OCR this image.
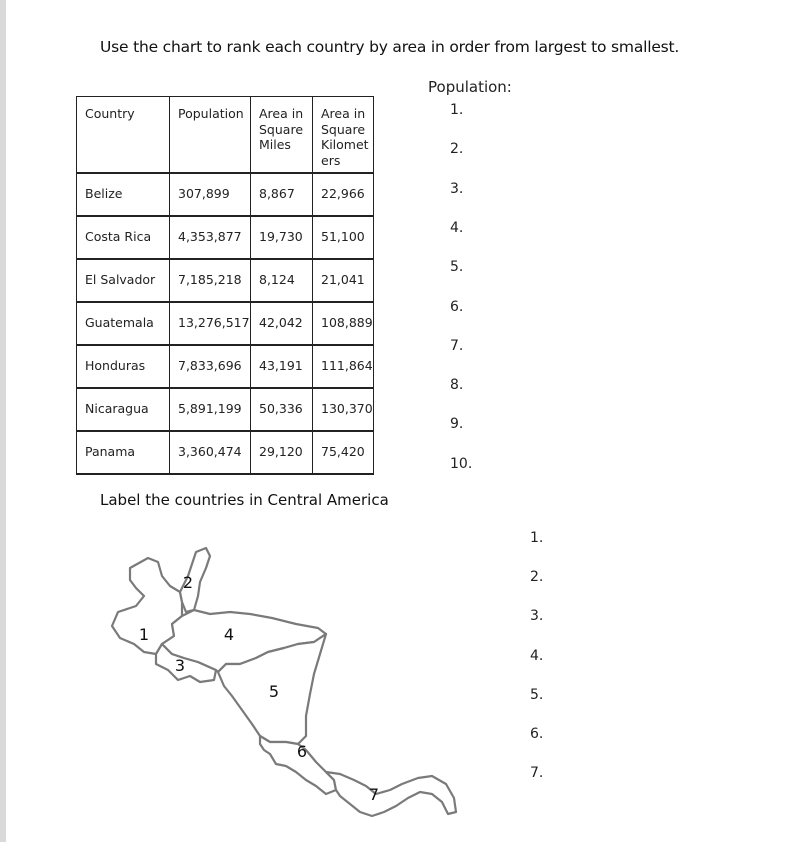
Use the chart to rank each country by area in order from largest to smallest.
Population:
Country	Population	Area in Square Miles	Area in Square Kilomet ers
Belize	307,899	8,867	22,966
Costa Rica	4,353,877	19,730	51,100
El Salvador	7,185,218	8,124	21,041
Guatemala	13,276,517	42,042	108,889
Honduras	7,833,696	43,191	111,864
Nicaragua	5,891,199	50,336	130,370
Panama	3,360,474	29,120	75,420
1.
2.
3.
4.
5.
6.
7.
8.
9.
10.
Label the countries in Central America
1
2
3
4
5
6
7
1.
2.
3.
4.
5.
6.
7.
